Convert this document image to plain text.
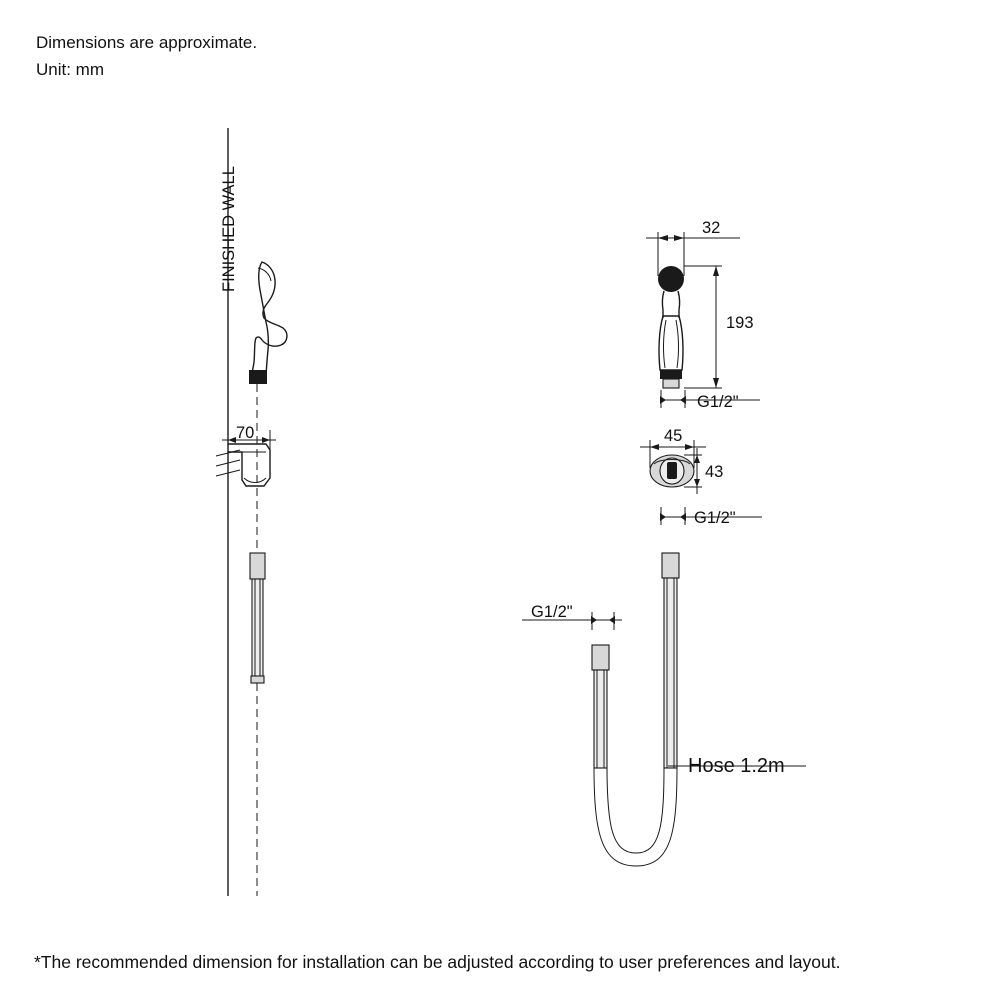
Dimensions are approximate.
Unit: mm
*The recommended dimension for installation can be adjusted according to user preferences and layout.
FINISHED WALL
Hose 1.2m
32
193
G1/2"
45
43
G1/2"
G1/2"
70
